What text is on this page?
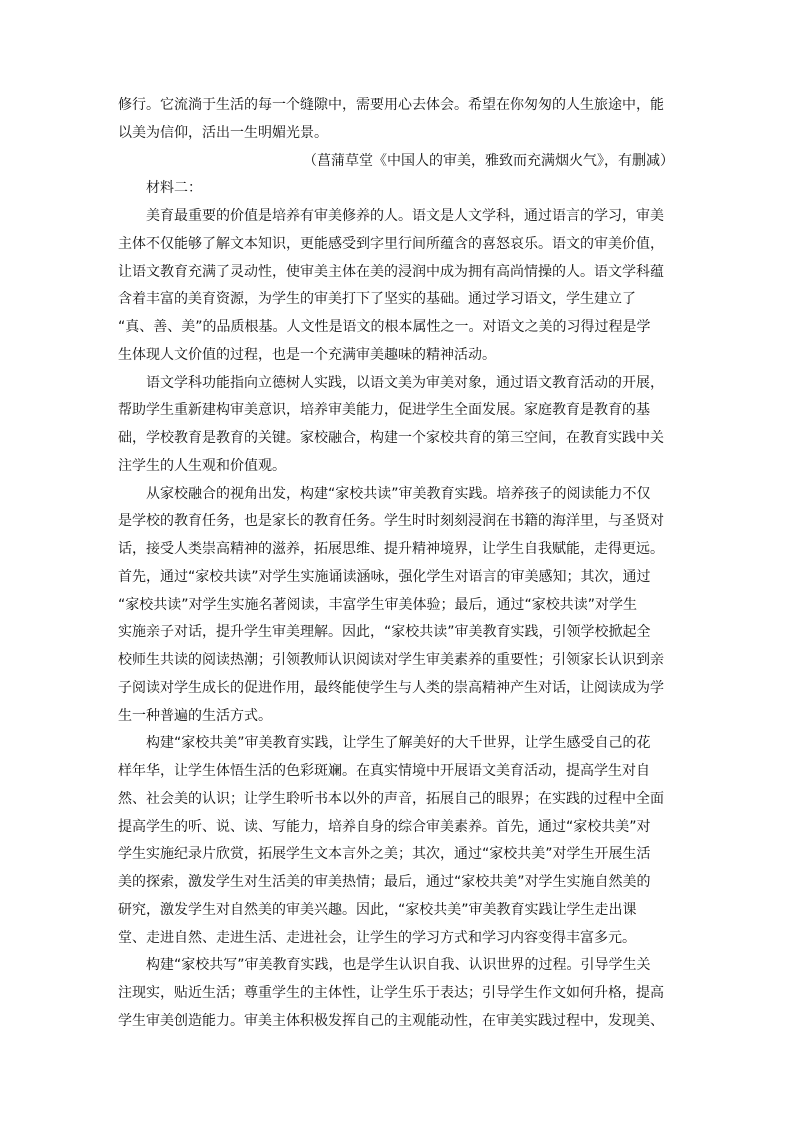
修行。它流淌于生活的每一个缝隙中，需要用心去体会。希望在你匆匆的人生旅途中，能
以美为信仰，活出一生明媚光景。
（菖蒲草堂《中国人的审美，雅致而充满烟火气》，有删减）
材料二：
美育最重要的价值是培养有审美修养的人。语文是人文学科，通过语言的学习，审美
主体不仅能够了解文本知识，更能感受到字里行间所蕴含的喜怒哀乐。语文的审美价值，
让语文教育充满了灵动性，使审美主体在美的浸润中成为拥有高尚情操的人。语文学科蕴
含着丰富的美育资源，为学生的审美打下了坚实的基础。通过学习语文，学生建立了
“真、善、美”的品质根基。人文性是语文的根本属性之一。对语文之美的习得过程是学
生体现人文价值的过程，也是一个充满审美趣味的精神活动。
语文学科功能指向立德树人实践，以语文美为审美对象，通过语文教育活动的开展，
帮助学生重新建构审美意识，培养审美能力，促进学生全面发展。家庭教育是教育的基
础，学校教育是教育的关键。家校融合，构建一个家校共育的第三空间，在教育实践中关
注学生的人生观和价值观。
从家校融合的视角出发，构建“家校共读”审美教育实践。培养孩子的阅读能力不仅
是学校的教育任务，也是家长的教育任务。学生时时刻刻浸润在书籍的海洋里，与圣贤对
话，接受人类崇高精神的滋养，拓展思维、提升精神境界，让学生自我赋能，走得更远。
首先，通过“家校共读”对学生实施诵读涵咏，强化学生对语言的审美感知；其次，通过
“家校共读”对学生实施名著阅读，丰富学生审美体验；最后，通过“家校共读”对学生
实施亲子对话，提升学生审美理解。因此，“家校共读”审美教育实践，引领学校掀起全
校师生共读的阅读热潮；引领教师认识阅读对学生审美素养的重要性；引领家长认识到亲
子阅读对学生成长的促进作用，最终能使学生与人类的崇高精神产生对话，让阅读成为学
生一种普遍的生活方式。
构建“家校共美”审美教育实践，让学生了解美好的大千世界，让学生感受自己的花
样年华，让学生体悟生活的色彩斑斓。在真实情境中开展语文美育活动，提高学生对自
然、社会美的认识；让学生聆听书本以外的声音，拓展自己的眼界；在实践的过程中全面
提高学生的听、说、读、写能力，培养自身的综合审美素养。首先，通过“家校共美”对
学生实施纪录片欣赏，拓展学生文本言外之美；其次，通过“家校共美”对学生开展生活
美的探索，激发学生对生活美的审美热情；最后，通过“家校共美”对学生实施自然美的
研究，激发学生对自然美的审美兴趣。因此，“家校共美”审美教育实践让学生走出课
堂、走进自然、走进生活、走进社会，让学生的学习方式和学习内容变得丰富多元。
构建“家校共写”审美教育实践，也是学生认识自我、认识世界的过程。引导学生关
注现实，贴近生活；尊重学生的主体性，让学生乐于表达；引导学生作文如何升格，提高
学生审美创造能力。审美主体积极发挥自己的主观能动性，在审美实践过程中，发现美、
